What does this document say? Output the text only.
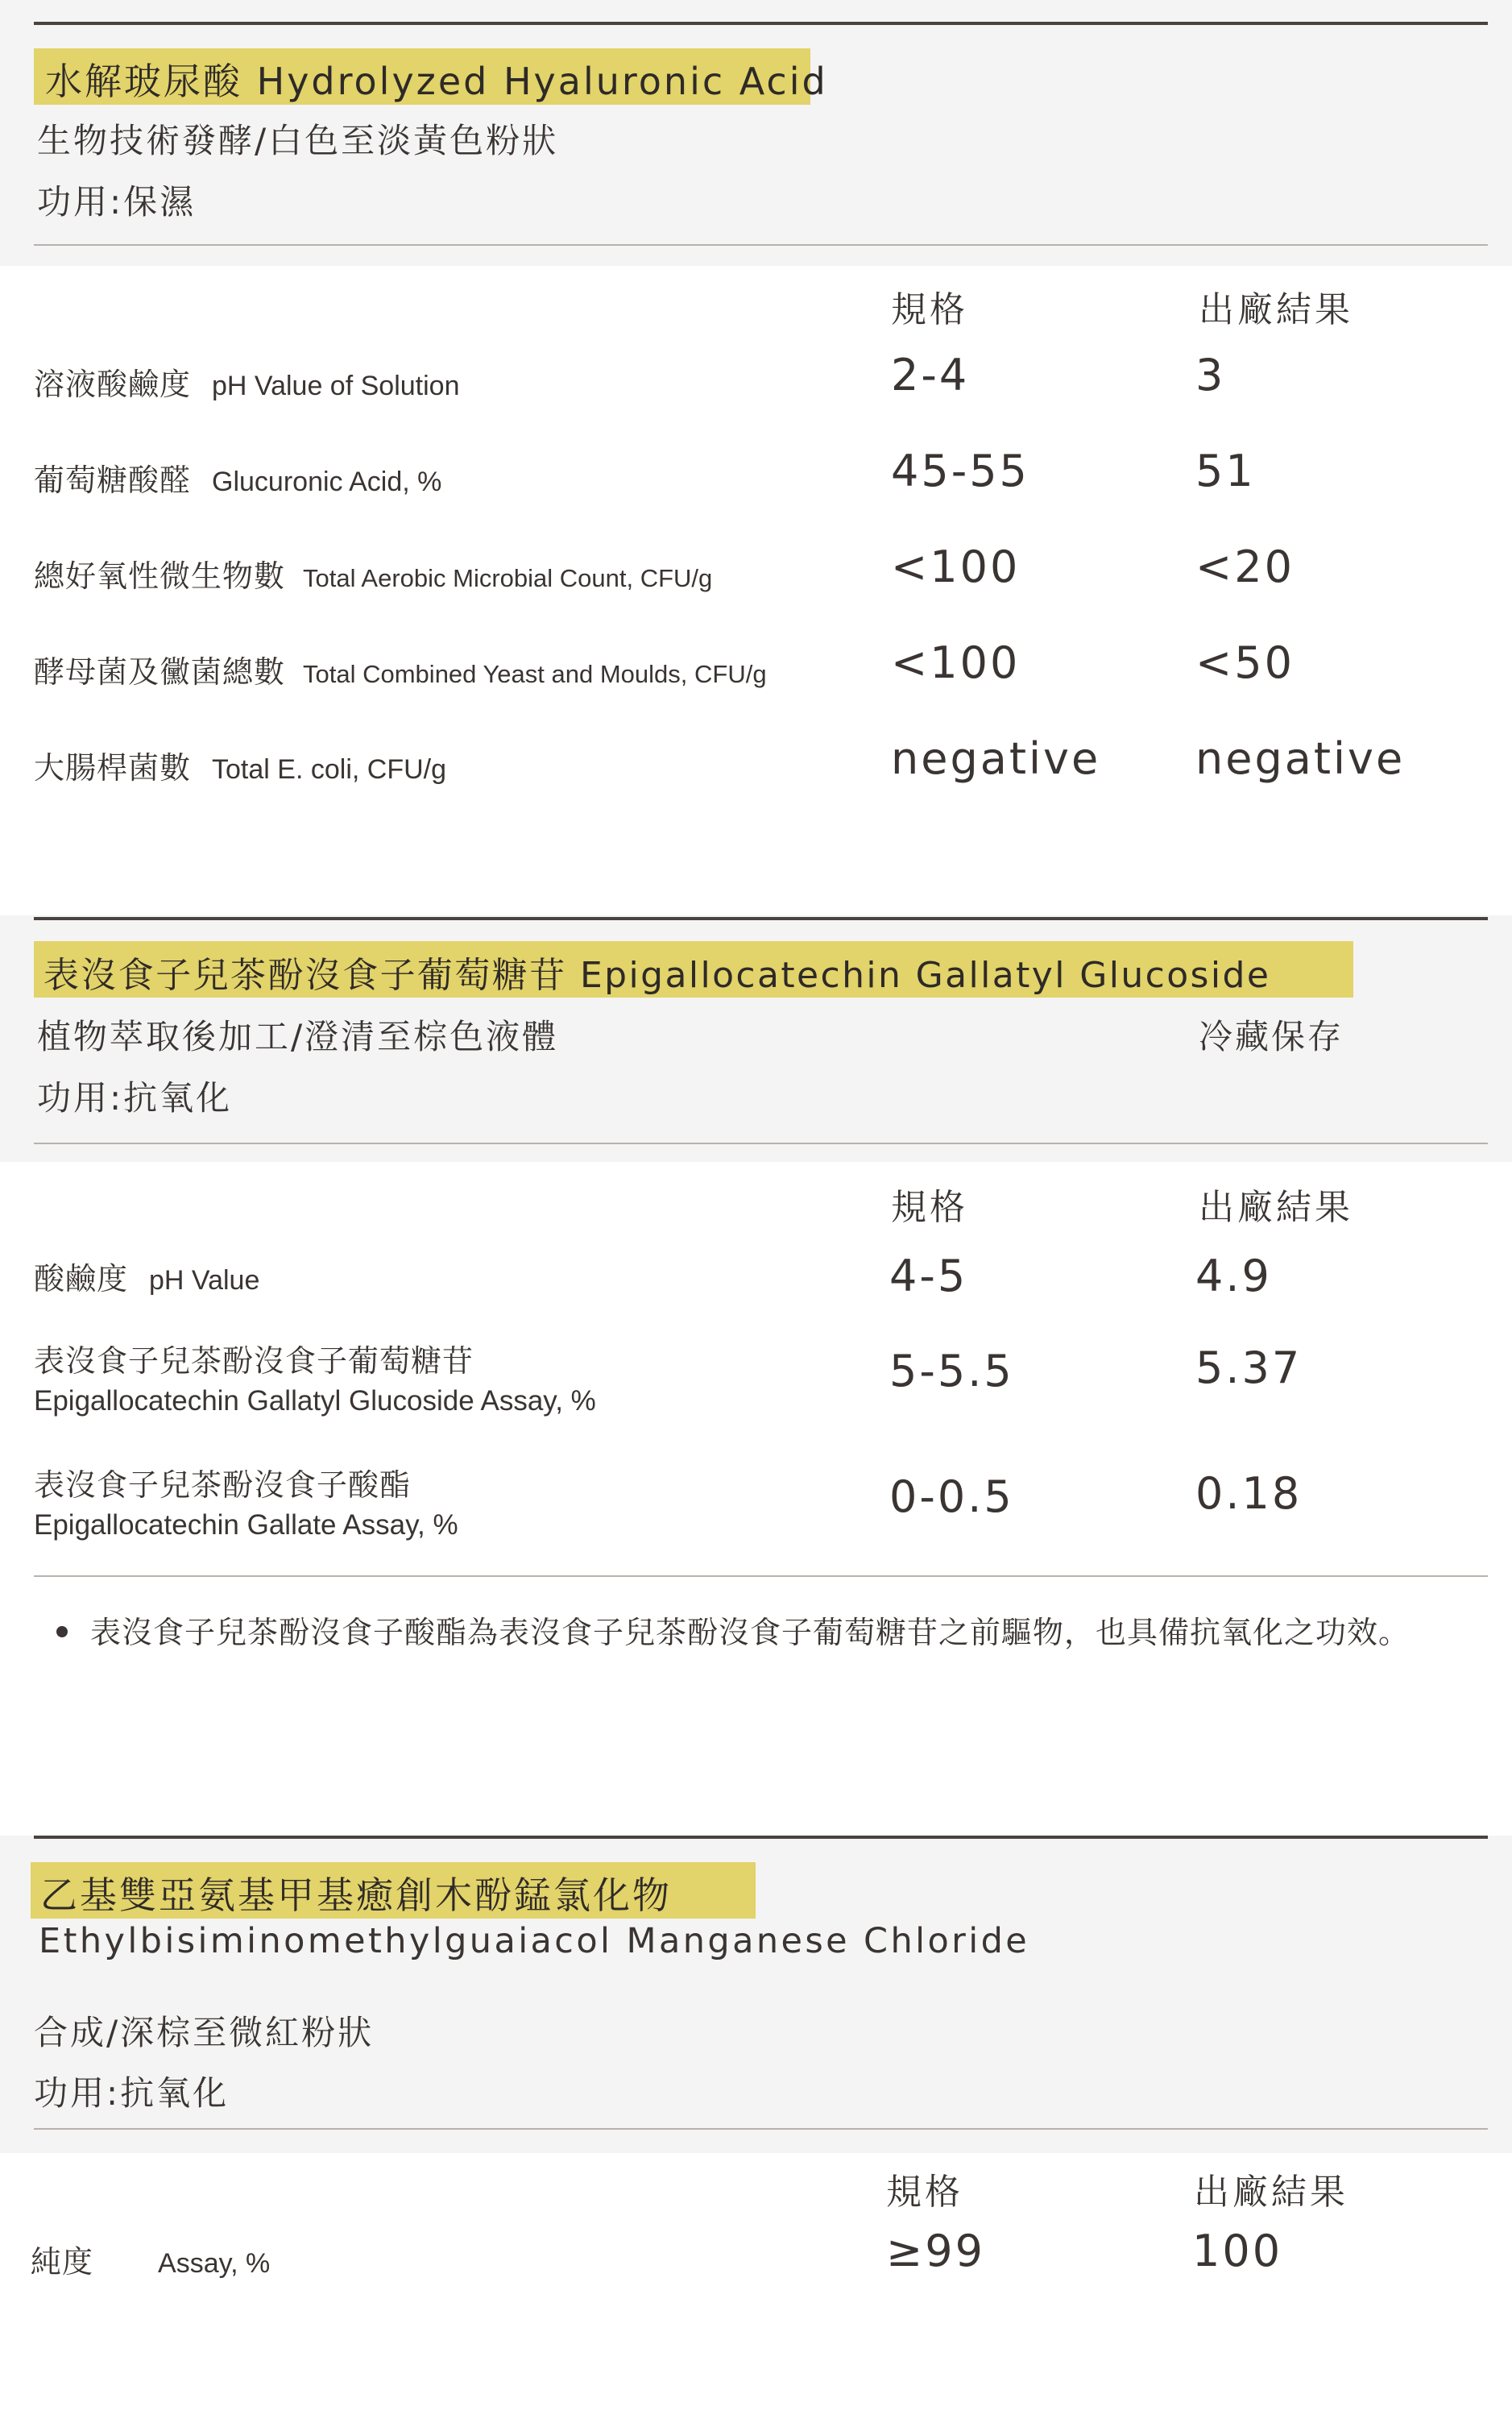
水解玻尿酸 Hydrolyzed Hyaluronic Acid
生物技術發酵/白色至淡黃色粉狀
功用:保濕
規格	出廠結果
溶液酸鹼度 pH Value of Solution	2-4	3
葡萄糖酸醛 Glucuronic Acid, %	45-55	51
總好氧性微生物數 Total Aerobic Microbial Count, CFU/g	<100	<20
酵母菌及黴菌總數 Total Combined Yeast and Moulds, CFU/g	<100	<50
大腸桿菌數 Total E. coli, CFU/g	negative negative
表沒食子兒茶酚沒食子葡萄糖苷 Epigallocatechin Gallatyl Glucoside
植物萃取後加工/澄清至棕色液體	冷藏保存
功用:抗氧化
規格	出廠結果
酸鹼度 pH Value	4-5	4.9
表沒食子兒茶酚沒食子葡萄糖苷
Epigallocatechin Gallatyl Glucoside Assay, %
5-5.5	5.37
表沒食子兒茶酚沒食子酸酯
Epigallocatechin Gallate Assay, %
0-0.5	0.18
表沒食子兒茶酚沒食子酸酯為表沒食子兒茶酚沒食子葡萄糖苷之前驅物，也具備抗氧化之功效。
乙基雙亞氨基甲基癒創木酚錳氯化物
Ethylbisiminomethylguaiacol Manganese Chloride
合成/深棕至微紅粉狀
功用:抗氧化
規格	出廠結果
純度 Assay, %	≥99	100
